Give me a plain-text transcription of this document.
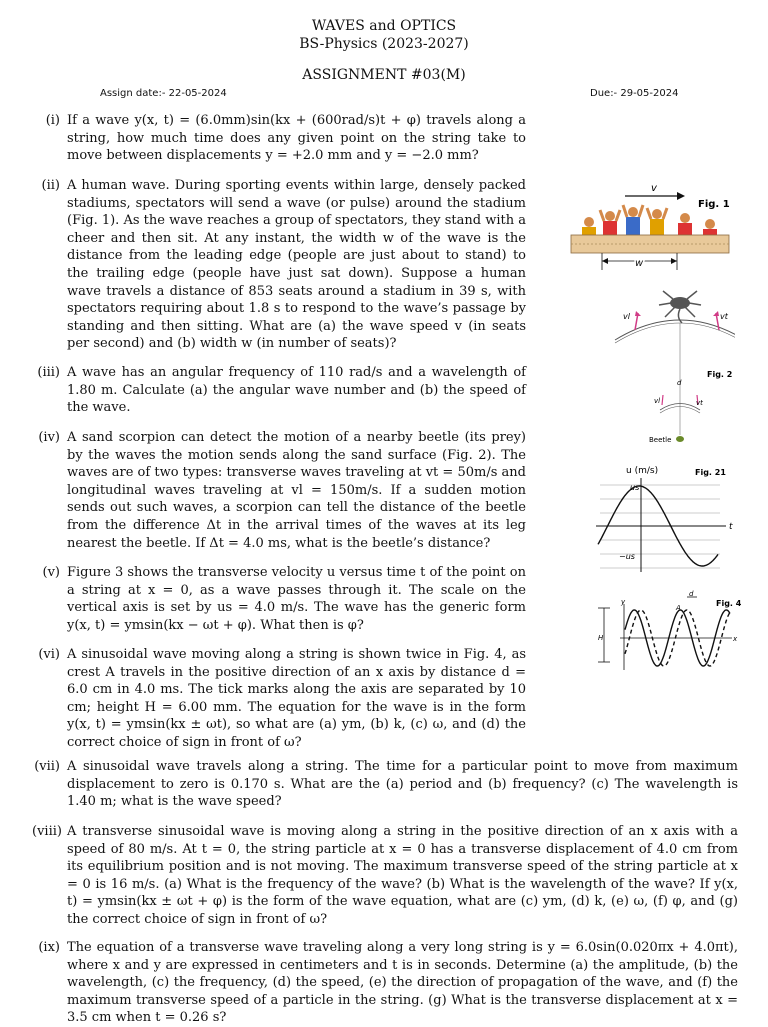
WAVES and OPTICS
BS-Physics (2023-2027)
ASSIGNMENT #03(M)
Assign date:- 22-05-2024	Due:- 29-05-2024
(i) If a wave y(x, t) = (6.0mm)sin(kx + (600rad/s)t + φ) travels along a string, how much time does any given point on the string take to move between displacements y = +2.0 mm and y = −2.0 mm?

(ii) A human wave. During sporting events within large, densely packed stadiums, spectators will send a wave (or pulse) around the stadium (Fig. 1). As the wave reaches a group of spectators, they stand with a cheer and then sit. At any instant, the width w of the wave is the distance from the leading edge (people are just about to stand) to the trailing edge (people have just sat down). Suppose a human wave travels a distance of 853 seats around a stadium in 39 s, with spectators requiring about 1.8 s to respond to the wave’s passage by standing and then sitting. What are (a) the wave speed v (in seats per second) and (b) width w (in number of seats)?

(iii) A wave has an angular frequency of 110 rad/s and a wavelength of 1.80 m. Calculate (a) the angular wave number and (b) the speed of the wave.

(iv) A sand scorpion can detect the motion of a nearby beetle (its prey) by the waves the motion sends along the sand surface (Fig. 2). The waves are of two types: transverse waves traveling at vt = 50m/s and longitudinal waves traveling at vl = 150m/s. If a sudden motion sends out such waves, a scorpion can tell the distance of the beetle from the difference Δt in the arrival times of the waves at its leg nearest the beetle. If Δt = 4.0 ms, what is the beetle’s distance?

(v) Figure 3 shows the transverse velocity u versus time t of the point on a string at x = 0, as a wave passes through it. The scale on the vertical axis is set by us = 4.0 m/s. The wave has the generic form y(x, t) = ymsin(kx − ωt + φ). What then is φ?

(vi) A sinusoidal wave moving along a string is shown twice in Fig. 4, as crest A travels in the positive direction of an x axis by distance d = 6.0 cm in 4.0 ms. The tick marks along the axis are separated by 10 cm; height H = 6.00 mm. The equation for the wave is in the form y(x, t) = ymsin(kx ± ωt), so what are (a) ym, (b) k, (c) ω, and (d) the correct choice of sign in front of ω?

(vii) A sinusoidal wave travels along a string. The time for a particular point to move from maximum displacement to zero is 0.170 s. What are the (a) period and (b) frequency? (c) The wavelength is 1.40 m; what is the wave speed?

(viii) A transverse sinusoidal wave is moving along a string in the positive direction of an x axis with a speed of 80 m/s. At t = 0, the string particle at x = 0 has a transverse displacement of 4.0 cm from its equilibrium position and is not moving. The maximum transverse speed of the string particle at x = 0 is 16 m/s. (a) What is the frequency of the wave? (b) What is the wavelength of the wave? If y(x, t) = ymsin(kx ± ωt + φ) is the form of the wave equation, what are (c) ym, (d) k, (e) ω, (f) φ, and (g) the correct choice of sign in front of ω?

(ix) The equation of a transverse wave traveling along a very long string is y = 6.0sin(0.020πx + 4.0πt), where x and y are expressed in centimeters and t is in seconds. Determine (a) the amplitude, (b) the wavelength, (c) the frequency, (d) the speed, (e) the direction of propagation of the wave, and (f) the maximum transverse speed of a particle in the string. (g) What is the transverse displacement at x = 3.5 cm when t = 0.26 s?

v
Fig. 1
w
vl	vt
d
Fig. 2
vl	vt
Beetle
u (m/s)	Fig. 21
t
us
−us
Fig. 4
H
y
x
d
A
